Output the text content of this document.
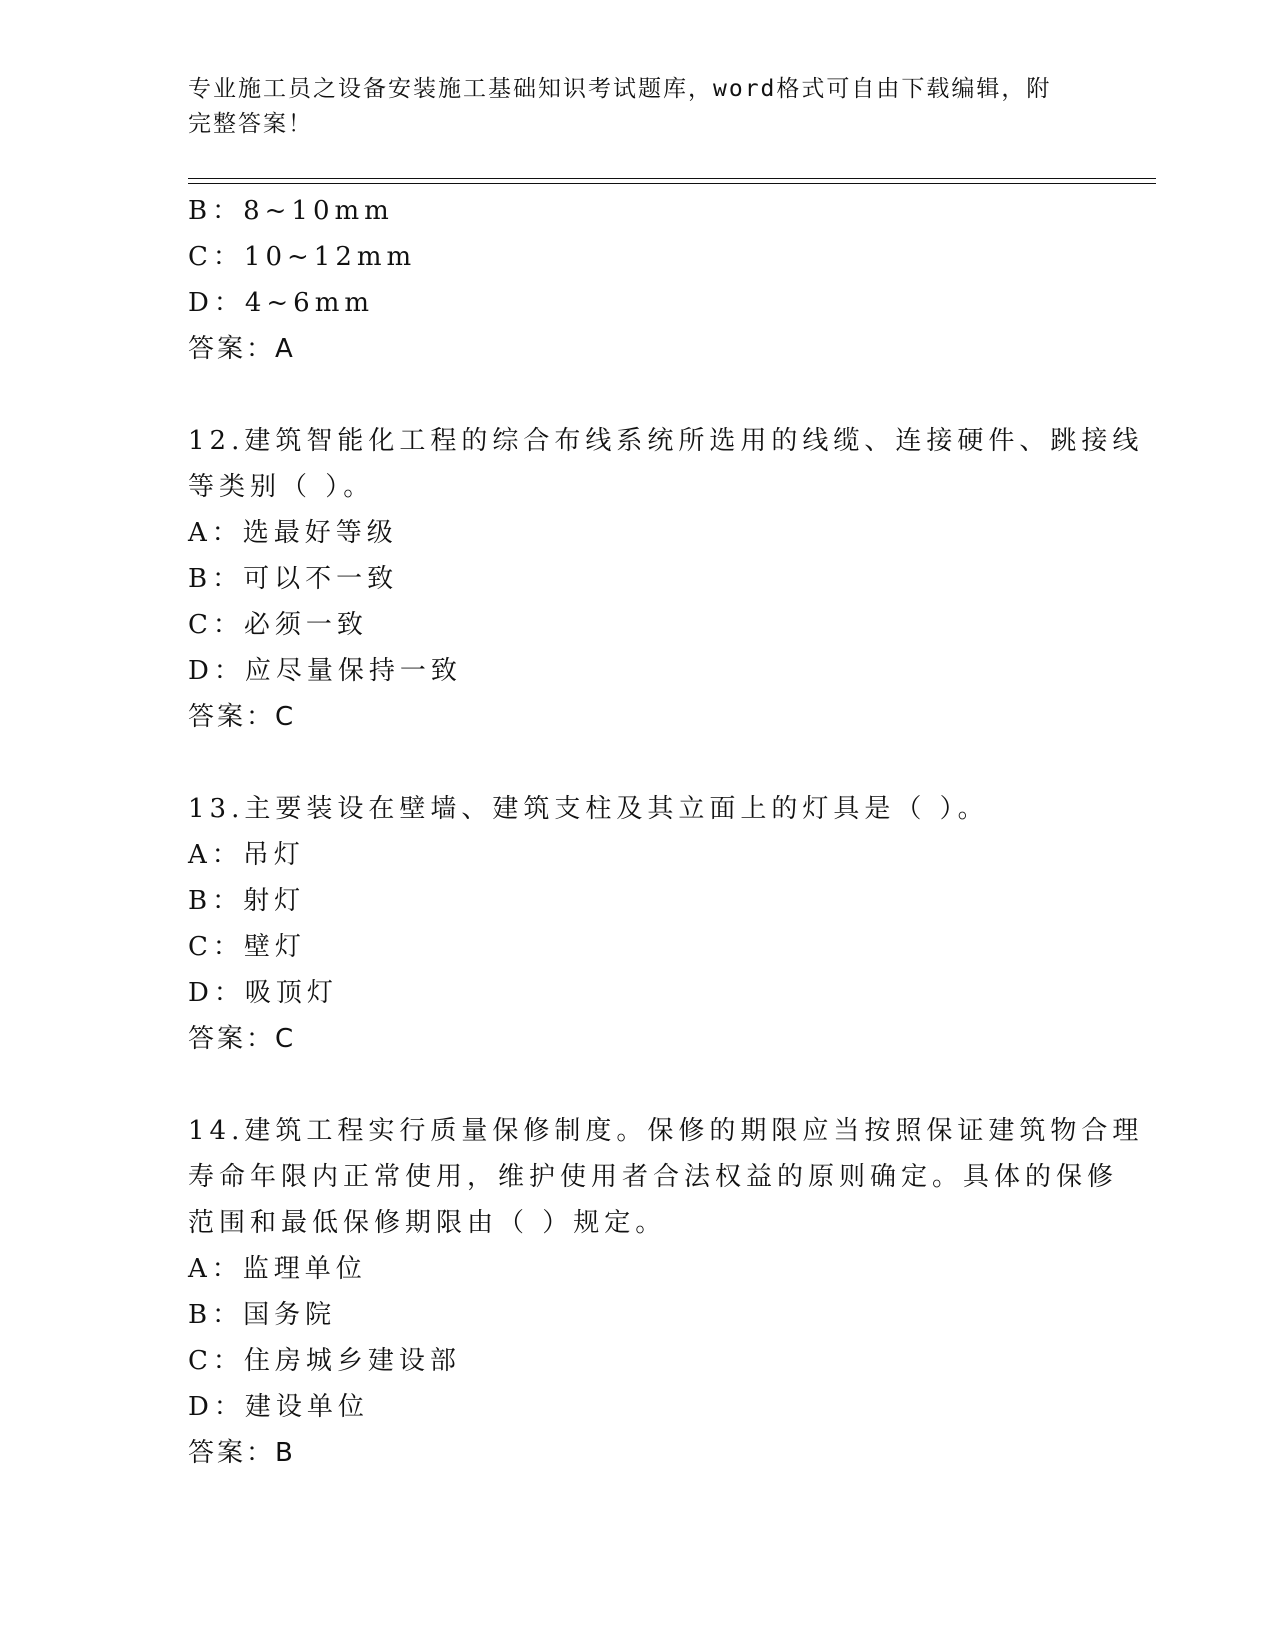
专业施工员之设备安装施工基础知识考试题库，word格式可自由下载编辑，附完整答案！
B：8~10mm
C：10~12mm
D：4~6mm
答案：A
12.建筑智能化工程的综合布线系统所选用的线缆、连接硬件、跳接线
等类别（ ）。
A：选最好等级
B：可以不一致
C：必须一致
D：应尽量保持一致
答案：C
13.主要装设在壁墙、建筑支柱及其立面上的灯具是（ ）。
A：吊灯
B：射灯
C：壁灯
D：吸顶灯
答案：C
14.建筑工程实行质量保修制度。保修的期限应当按照保证建筑物合理
寿命年限内正常使用，维护使用者合法权益的原则确定。具体的保修
范围和最低保修期限由（ ）规定。
A：监理单位
B：国务院
C：住房城乡建设部
D：建设单位
答案：B
